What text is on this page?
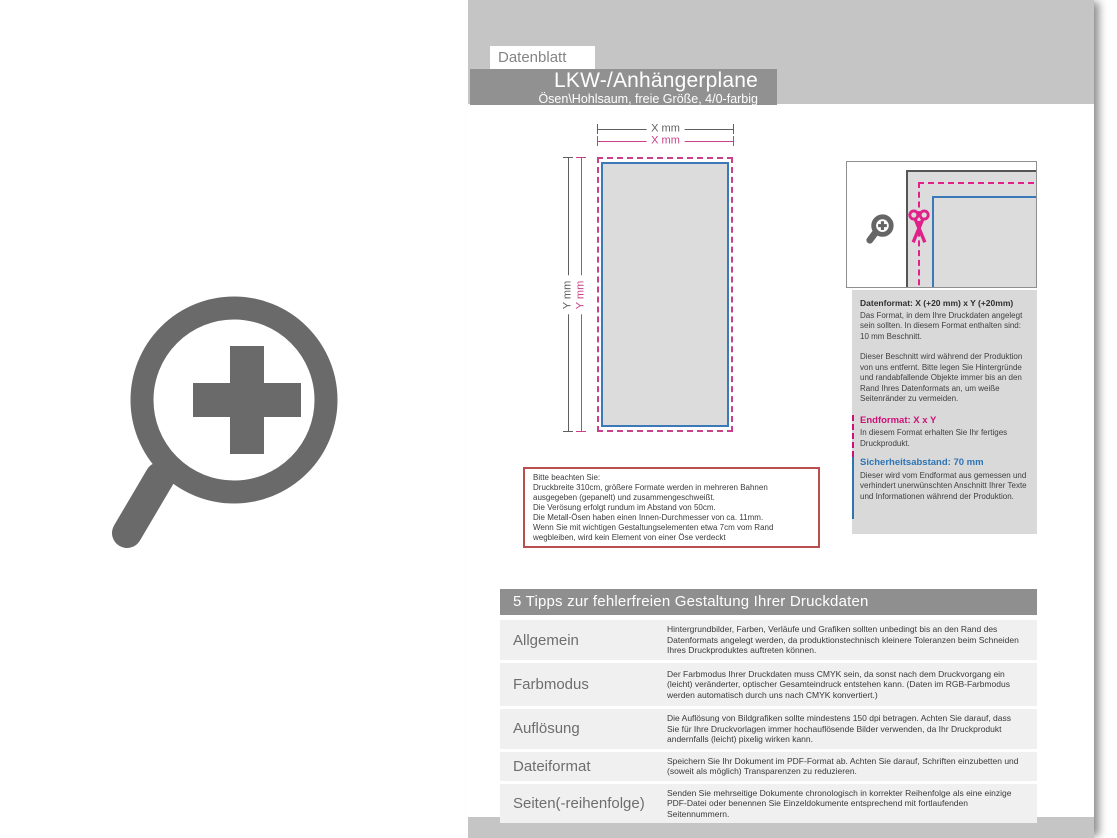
Datenblatt
LKW-/Anhängerplane
Ösen\Hohlsaum, freie Größe, 4/0-farbig
X mm
X mm
Y mm Y mm
Bitte beachten Sie:
Druckbreite 310cm, größere Formate werden in mehreren Bahnen ausgegeben (gepanelt) und zusammengeschweißt.
Die Verösung erfolgt rundum im Abstand von 50cm.
Die Metall-Ösen haben einen Innen-Durchmesser von ca. 11mm.
Wenn Sie mit wichtigen Gestaltungselementen etwa 7cm vom Rand wegbleiben, wird kein Element von einer Öse verdeckt
Datenformat: X (+20 mm) x Y (+20mm)

Das Format, in dem Ihre Druckdaten angelegt sein sollten. In diesem Format enthalten sind: 10 mm Beschnitt.

Dieser Beschnitt wird während der Produktion von uns entfernt. Bitte legen Sie Hintergründe und randabfallende Objekte immer bis an den Rand Ihres Datenformats an, um weiße Seitenränder zu vermeiden.

Endformat: X x Y

In diesem Format erhalten Sie Ihr fertiges Druckprodukt.

Sicherheitsabstand: 70 mm

Dieser wird vom Endformat aus gemessen und verhindert unerwünschten Anschnitt Ihrer Texte und Informationen während der Produktion.

5 Tipps zur fehlerfreien Gestaltung Ihrer Druckdaten
Allgemein
Hintergrundbilder, Farben, Verläufe und Grafiken sollten unbedingt bis an den Rand des Datenformats angelegt werden, da produktionstechnisch kleinere Toleranzen beim Schneiden Ihres Druckproduktes auftreten können.
Farbmodus
Der Farbmodus Ihrer Druckdaten muss CMYK sein, da sonst nach dem Druckvorgang ein (leicht) veränderter, optischer Gesamteindruck entstehen kann. (Daten im RGB-Farbmodus werden automatisch durch uns nach CMYK konvertiert.)
Auflösung
Die Auflösung von Bildgrafiken sollte mindestens 150 dpi betragen. Achten Sie darauf, dass Sie für Ihre Druckvorlagen immer hochauflösende Bilder verwenden, da Ihr Druckprodukt andernfalls (leicht) pixelig wirken kann.
Dateiformat	Speichern Sie Ihr Dokument im PDF-Format ab. Achten Sie darauf, Schriften einzubetten und (soweit als möglich) Transparenzen zu reduzieren.
Seiten(-reihenfolge)
Senden Sie mehrseitige Dokumente chronologisch in korrekter Reihenfolge als eine einzige PDF-Datei oder benennen Sie Einzeldokumente entsprechend mit fortlaufenden Seitennummern.
